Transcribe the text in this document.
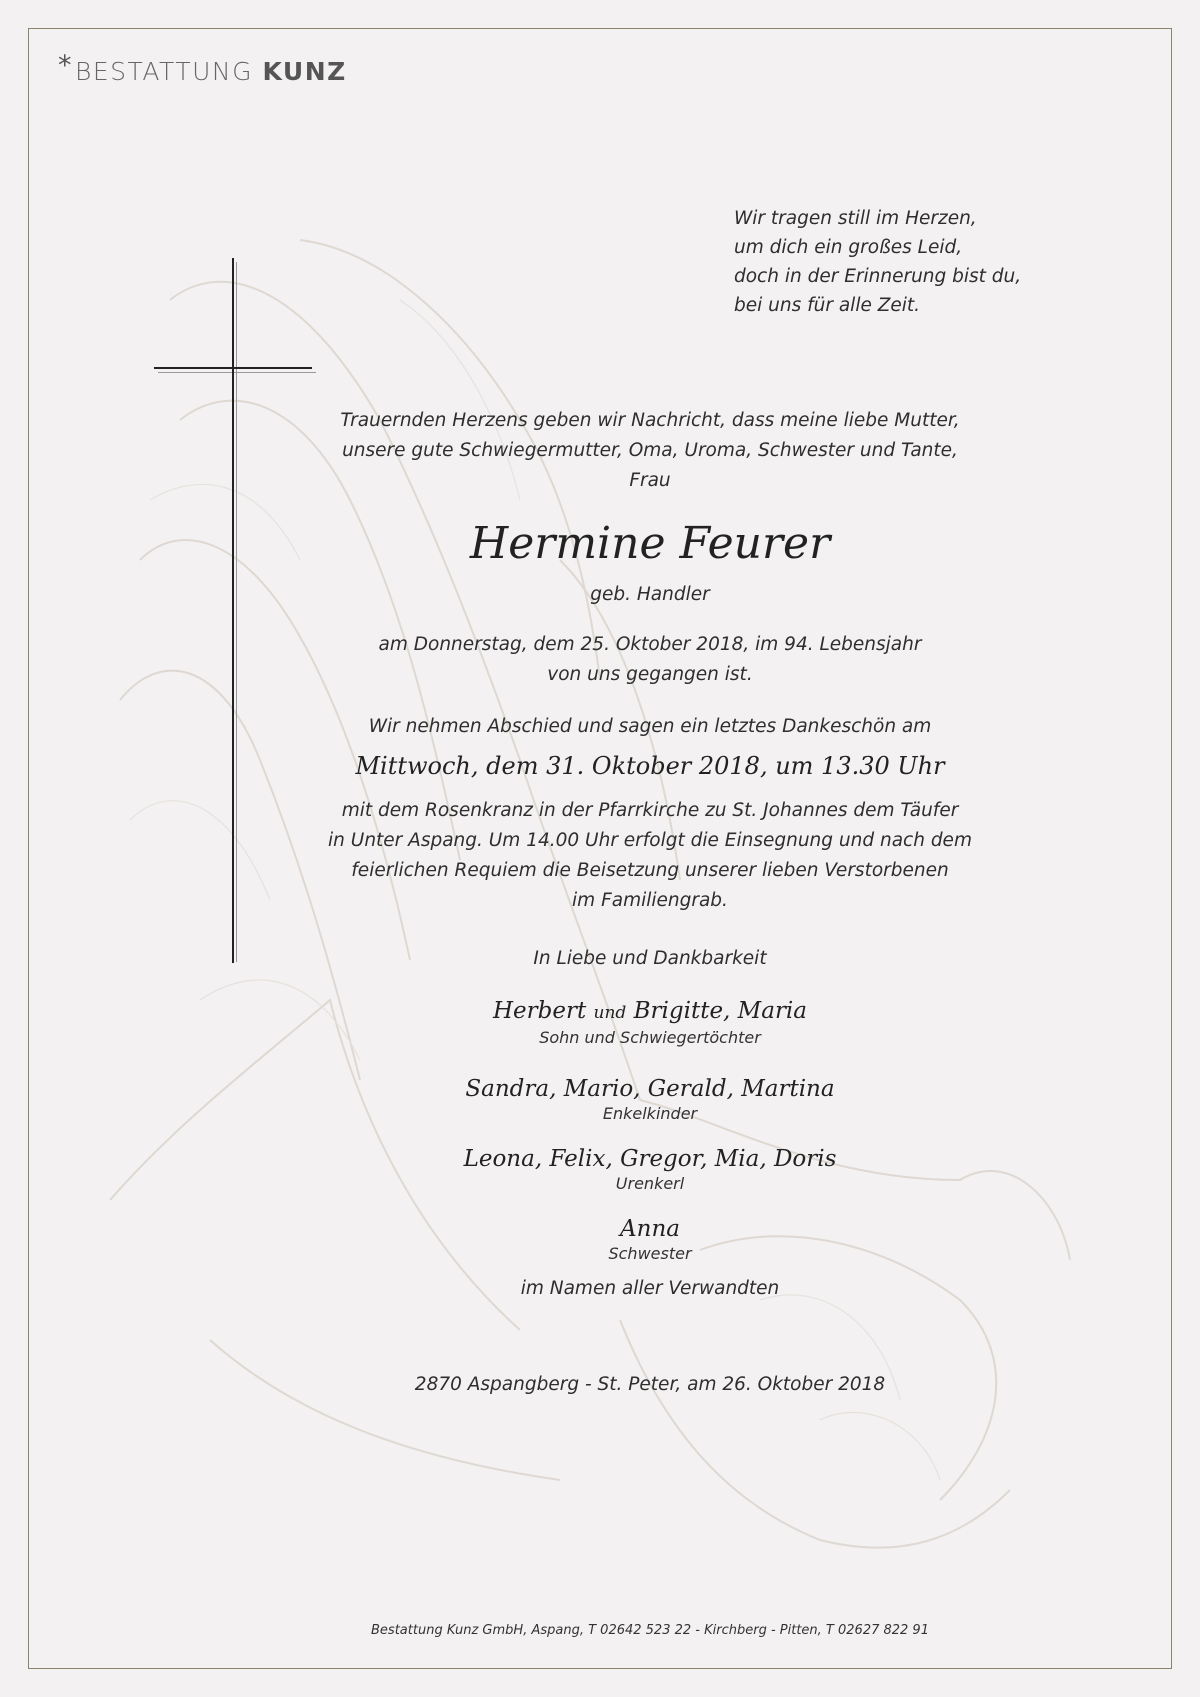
*BESTATTUNG KUNZ
Wir tragen still im Herzen,
um dich ein großes Leid,
doch in der Erinnerung bist du,
bei uns für alle Zeit.
Trauernden Herzens geben wir Nachricht, dass meine liebe Mutter,
unsere gute Schwiegermutter, Oma, Uroma, Schwester und Tante,
Frau
Hermine Feurer
geb. Handler
am Donnerstag, dem 25. Oktober 2018, im 94. Lebensjahr
von uns gegangen ist.
Wir nehmen Abschied und sagen ein letztes Dankeschön am
Mittwoch, dem 31. Oktober 2018, um 13.30 Uhr
mit dem Rosenkranz in der Pfarrkirche zu St. Johannes dem Täufer
in Unter Aspang. Um 14.00 Uhr erfolgt die Einsegnung und nach dem
feierlichen Requiem die Beisetzung unserer lieben Verstorbenen
im Familiengrab.
In Liebe und Dankbarkeit
Herbert und Brigitte, Maria
Sohn und Schwiegertöchter
Sandra, Mario, Gerald, Martina
Enkelkinder
Leona, Felix, Gregor, Mia, Doris
Urenkerl
Anna
Schwester
im Namen aller Verwandten
2870 Aspangberg - St. Peter, am 26. Oktober 2018
Bestattung Kunz GmbH, Aspang, T 02642 523 22 - Kirchberg - Pitten, T 02627 822 91
